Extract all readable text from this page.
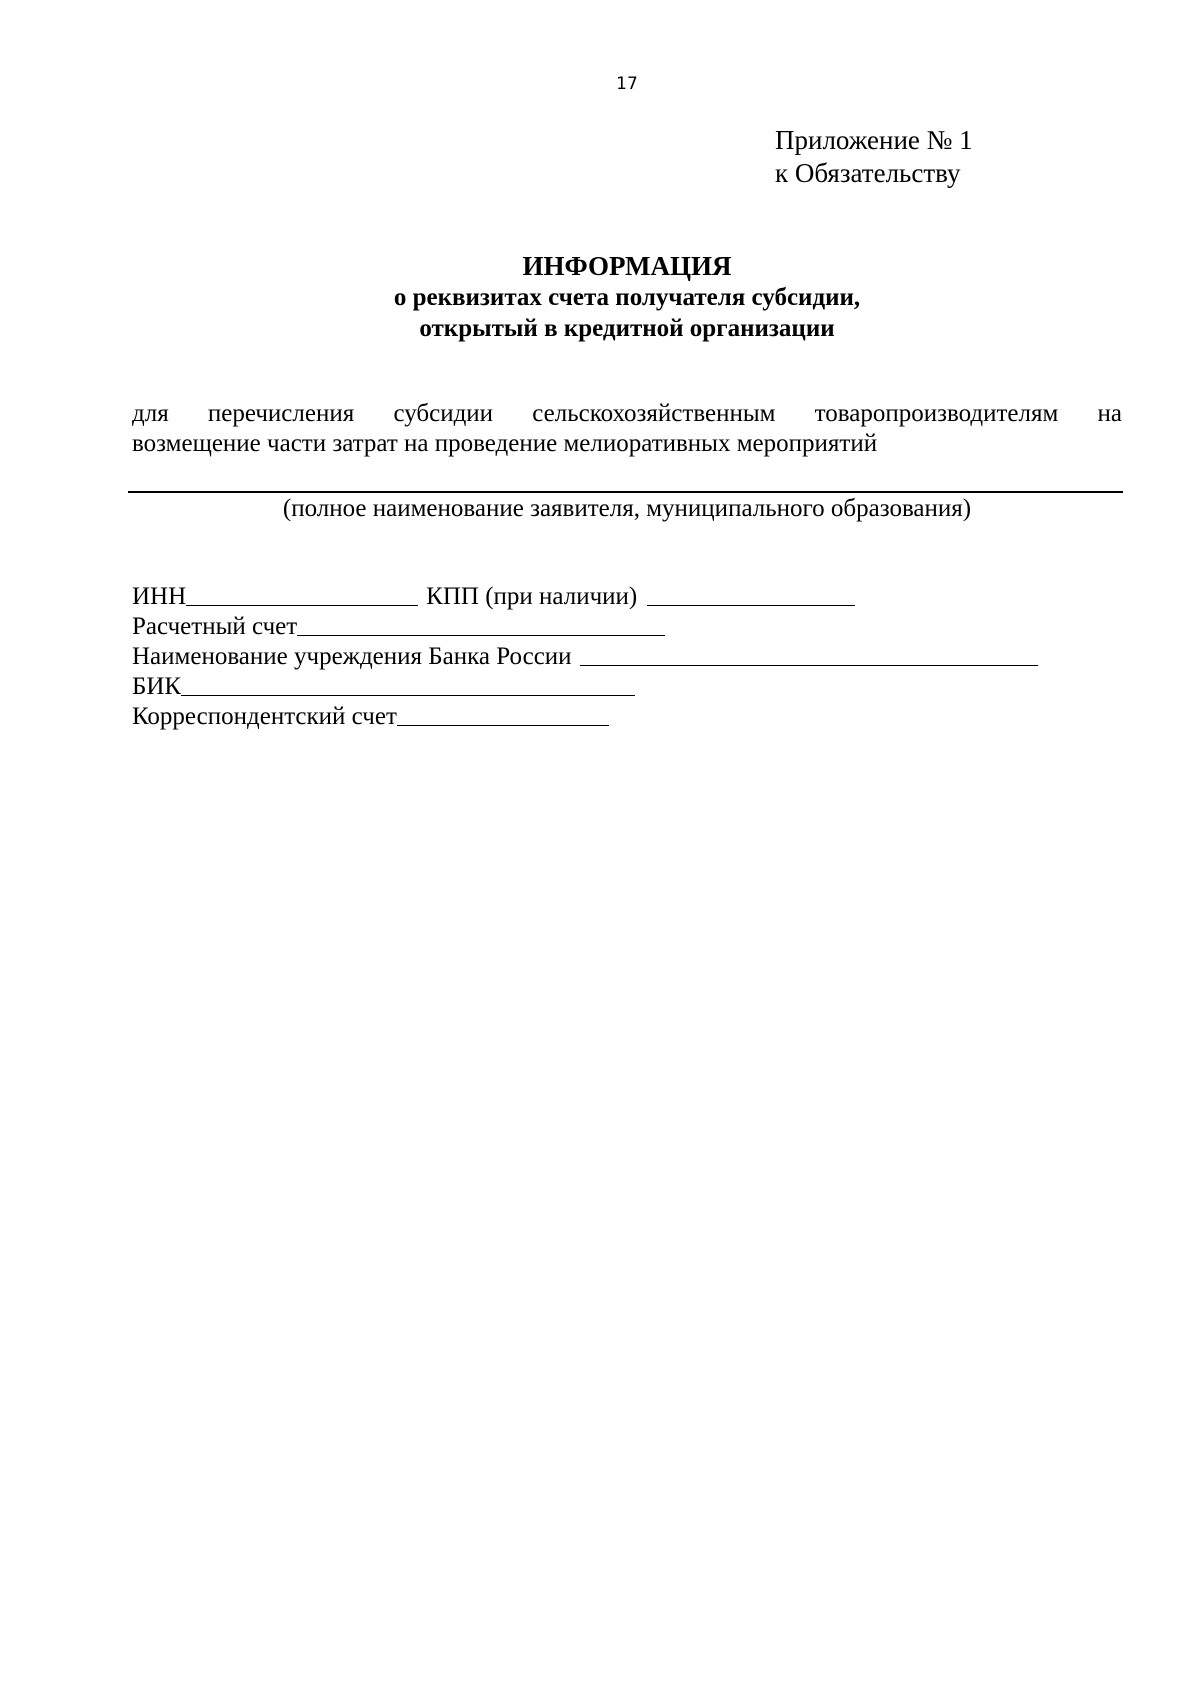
17
Приложение № 1
к Обязательству
ИНФОРМАЦИЯ
о реквизитах счета получателя субсидии,
открытый в кредитной организации
для перечисления субсидии сельскохозяйственным товаропроизводителям на
возмещение части затрат на проведение мелиоративных мероприятий
(полное наименование заявителя, муниципального образования)
ИНН	КПП (при наличии)
Расчетный счет
Наименование учреждения Банка России
БИК
Корреспондентский счет
